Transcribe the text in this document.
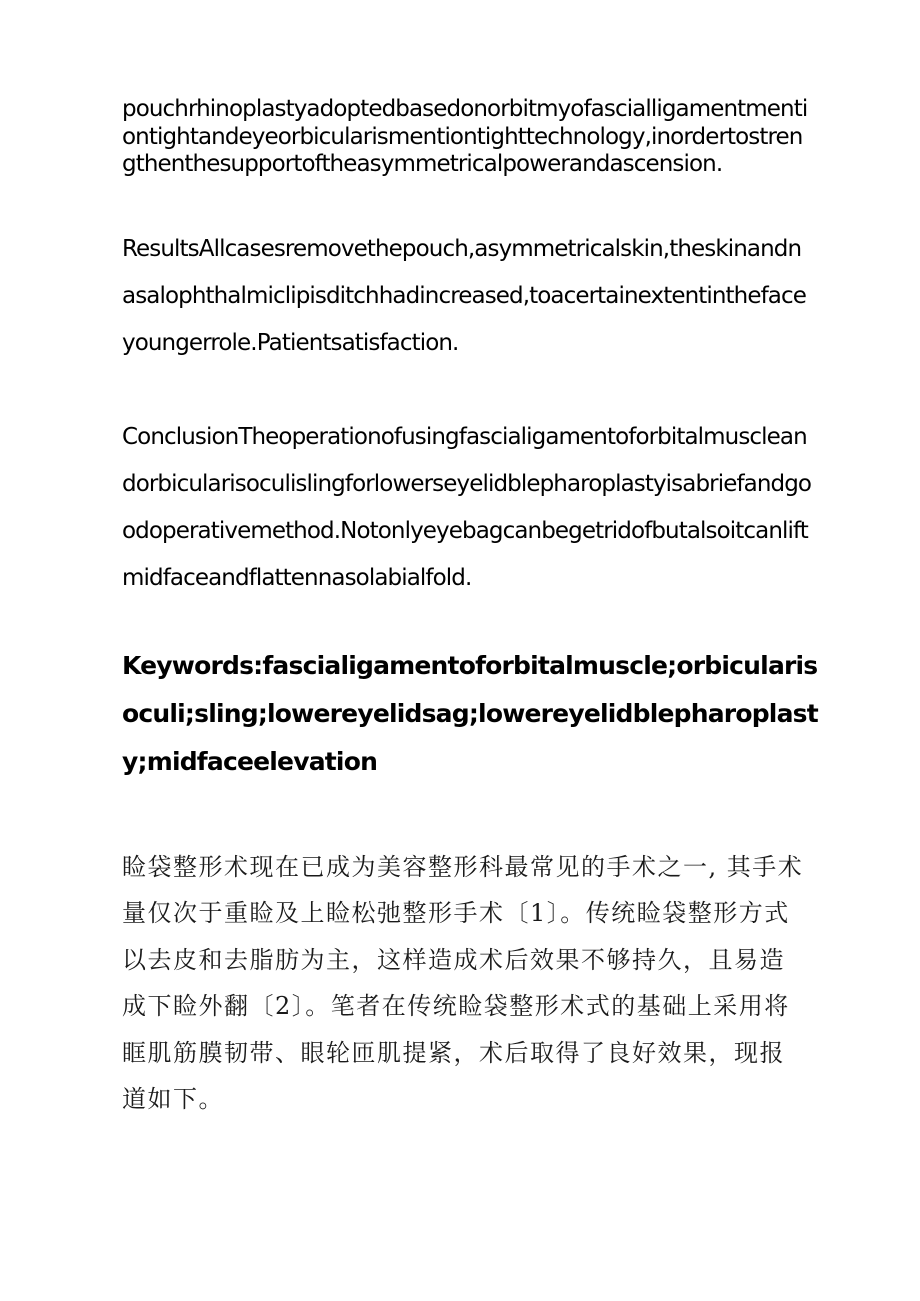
pouchrhinoplastyadoptedbasedonorbitmyofascialligamentmentiontightandeyeorbicularismentiontighttechnology,inordertostrengthenthesupportoftheasymmetricalpowerandascension.

ResultsAllcasesremovethepouch,asymmetricalskin,theskinandnasalophthalmiclipisditchhadincreased,toacertainextentinthefaceyoungerrole.Patientsatisfaction.

ConclusionTheoperationofusingfascialigamentoforbitalmuscleandorbicularisoculislingforlowerseyelidblepharoplastyisabriefandgoodoperativemethod.Notonlyeyebagcanbegetridofbutalsoitcanliftmidfaceandflattennasolabialfold.

Keywords:fascialigamentoforbitalmuscle;orbicularisoculi;sling;lowereyelidsag;lowereyelidblepharoplasty;midfaceelevation

睑袋整形术现在已成为美容整形科最常见的手术之一, 其手术量仅次于重睑及上睑松弛整形手术〔1〕。传统睑袋整形方式以去皮和去脂肪为主，这样造成术后效果不够持久，且易造成下睑外翻〔2〕。笔者在传统睑袋整形术式的基础上采用将眶肌筋膜韧带、眼轮匝肌提紧，术后取得了良好效果，现报道如下。
